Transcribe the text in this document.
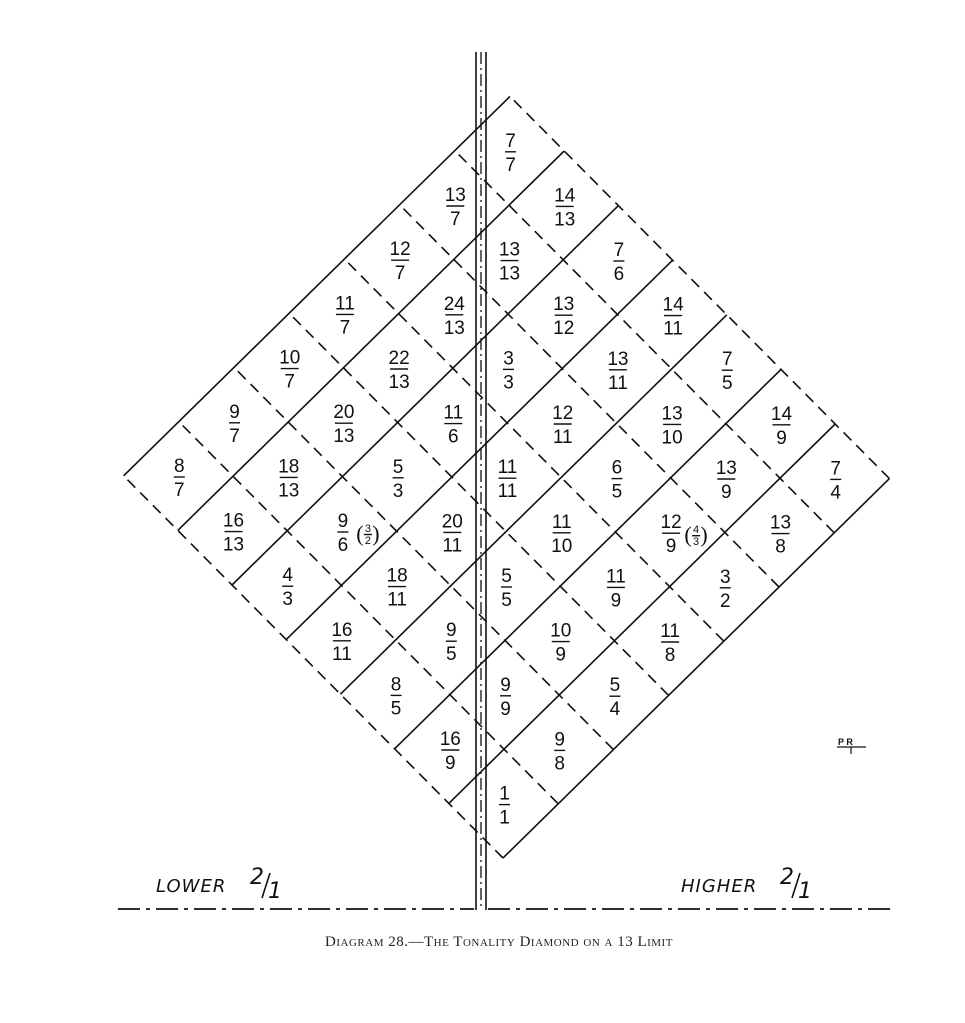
1
1
9
8
5
4
11
8
3
2
13
8
7
4
16
9
9
9
10
9
11
9
12
9 ( 4
3 )
13
9
14
9
8
5
9
5
5
5
11
10
6
5
13
10
7
5
16
11
18
11
20
11
11
11
12
11
13
11
14
11
4
3
9
6 ( 3
2 )
5
3
11
6
3
3
13
12
7
6
16
13
18
13
20
13
22
13
24
13
13
13
14
13
8
7
9
7
10
7
11
7
12
7
13
7
7
7
LOWER 2
1	HIGHER 2
1
P R
Diagram 28.—The Tonality Diamond on a 13 Limit
